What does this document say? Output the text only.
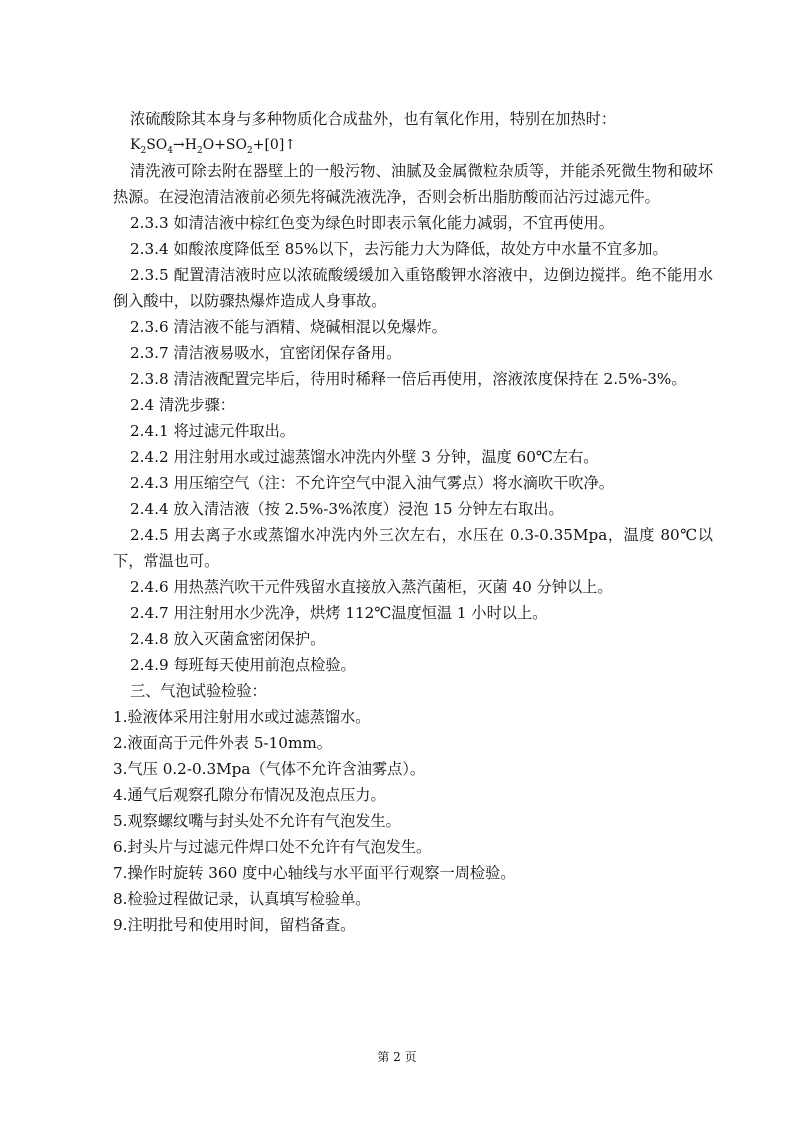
浓硫酸除其本身与多种物质化合成盐外，也有氧化作用，特别在加热时：
$K_2SO_4\to H_2O+SO_2+[0]↑$
清洗液可除去附在器壁上的一般污物、油腻及金属微粒杂质等，并能杀死微生物和破坏热源。在浸泡清洁液前必须先将碱洗液洗净，否则会析出脂肪酸而沾污过滤元件。
2.3.3 如清洁液中棕红色变为绿色时即表示氧化能力减弱，不宜再使用。
2.3.4 如酸浓度降低至 85%以下，去污能力大为降低，故处方中水量不宜多加。
2.3.5 配置清洁液时应以浓硫酸缓缓加入重铬酸钾水溶液中，边倒边搅拌。绝不能用水倒入酸中，以防骤热爆炸造成人身事故。
2.3.6 清洁液不能与酒精、烧碱相混以免爆炸。
2.3.7 清洁液易吸水，宜密闭保存备用。
2.3.8 清洁液配置完毕后，待用时稀释一倍后再使用，溶液浓度保持在 2.5%-3%。
2.4 清洗步骤：
2.4.1 将过滤元件取出。
2.4.2 用注射用水或过滤蒸馏水冲洗内外壁 3 分钟，温度 60℃左右。
2.4.3 用压缩空气（注：不允许空气中混入油气雾点）将水滴吹干吹净。
2.4.4 放入清洁液（按 2.5%-3%浓度）浸泡 15 分钟左右取出。
2.4.5 用去离子水或蒸馏水冲洗内外三次左右，水压在 0.3-0.35Mpa，温度 80℃以下，常温也可。
2.4.6 用热蒸汽吹干元件残留水直接放入蒸汽菌柜，灭菌 40 分钟以上。
2.4.7 用注射用水少洗净，烘烤 112℃温度恒温 1 小时以上。
2.4.8 放入灭菌盒密闭保护。
2.4.9 每班每天使用前泡点检验。
三、气泡试验检验：
1.验液体采用注射用水或过滤蒸馏水。
2.液面高于元件外表 5-10mm。
3.气压 0.2-0.3Mpa（气体不允许含油雾点）。
4.通气后观察孔隙分布情况及泡点压力。
5.观察螺纹嘴与封头处不允许有气泡发生。
6.封头片与过滤元件焊口处不允许有气泡发生。
7.操作时旋转 360 度中心轴线与水平面平行观察一周检验。
8.检验过程做记录，认真填写检验单。
9.注明批号和使用时间，留档备查。
第 2 页
